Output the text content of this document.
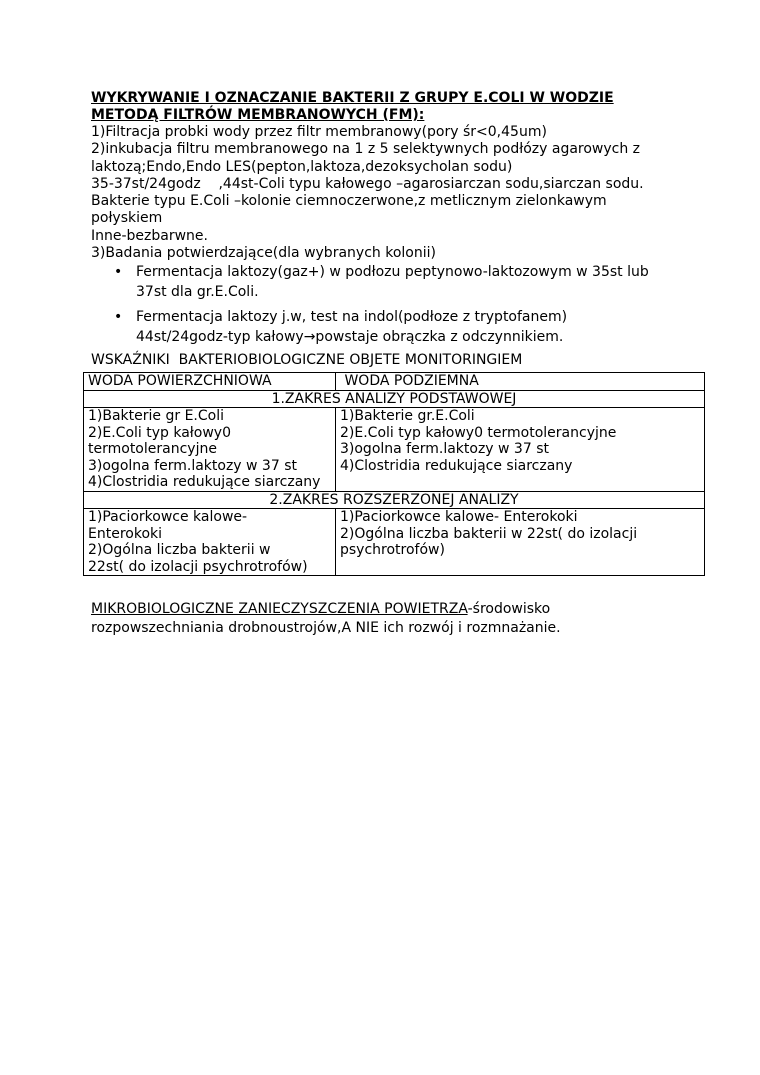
WYKRYWANIE I OZNACZANIE BAKTERII Z GRUPY E.COLI W WODZIE
METODĄ FILTRÓW MEMBRANOWYCH (FM):
1)Filtracja probki wody przez filtr membranowy(pory śr<0,45um)
2)inkubacja filtru membranowego na 1 z 5 selektywnych podłózy agarowych z
laktozą;Endo,Endo LES(pepton,laktoza,dezoksycholan sodu)
35-37st/24godz    ,44st-Coli typu kałowego –agarosiarczan sodu,siarczan sodu.
Bakterie typu E.Coli –kolonie ciemnoczerwone,z metlicznym zielonkawym
połyskiem
Inne-bezbarwne.
3)Badania potwierdzające(dla wybranych kolonii)
• Fermentacja laktozy(gaz+) w podłozu peptynowo-laktozowym w 35st lub
37st dla gr.E.Coli.
• Fermentacja laktozy j.w, test na indol(podłoze z tryptofanem)
44st/24godz-typ kałowy→powstaje obrączka z odczynnikiem.
WSKAŹNIKI  BAKTERIOBIOLOGICZNE OBJETE MONITORINGIEM
WODA POWIERZCHNIOWA	WODA PODZIEMNA
1.ZAKRES ANALIZY PODSTAWOWEJ	

1)Bakterie gr E.Coli
2)E.Coli typ kałowy0
termotolerancyjne
3)ogolna ferm.laktozy w 37 st
4)Clostridia redukujące siarczany	1)Bakterie gr.E.Coli
2)E.Coli typ kałowy0 termotolerancyjne
3)ogolna ferm.laktozy w 37 st
4)Clostridia redukujące siarczany

2.ZAKRES ROZSZERZONEJ ANALIZY	

1)Paciorkowce kalowe-
Enterokoki
2)Ogólna liczba bakterii w
22st( do izolacji psychrotrofów)	1)Paciorkowce kalowe- Enterokoki
2)Ogólna liczba bakterii w 22st( do izolacji
psychrotrofów)
MIKROBIOLOGICZNE ZANIECZYSZCZENIA POWIETRZA-środowisko
rozpowszechniania drobnoustrojów,A NIE ich rozwój i rozmnażanie.
